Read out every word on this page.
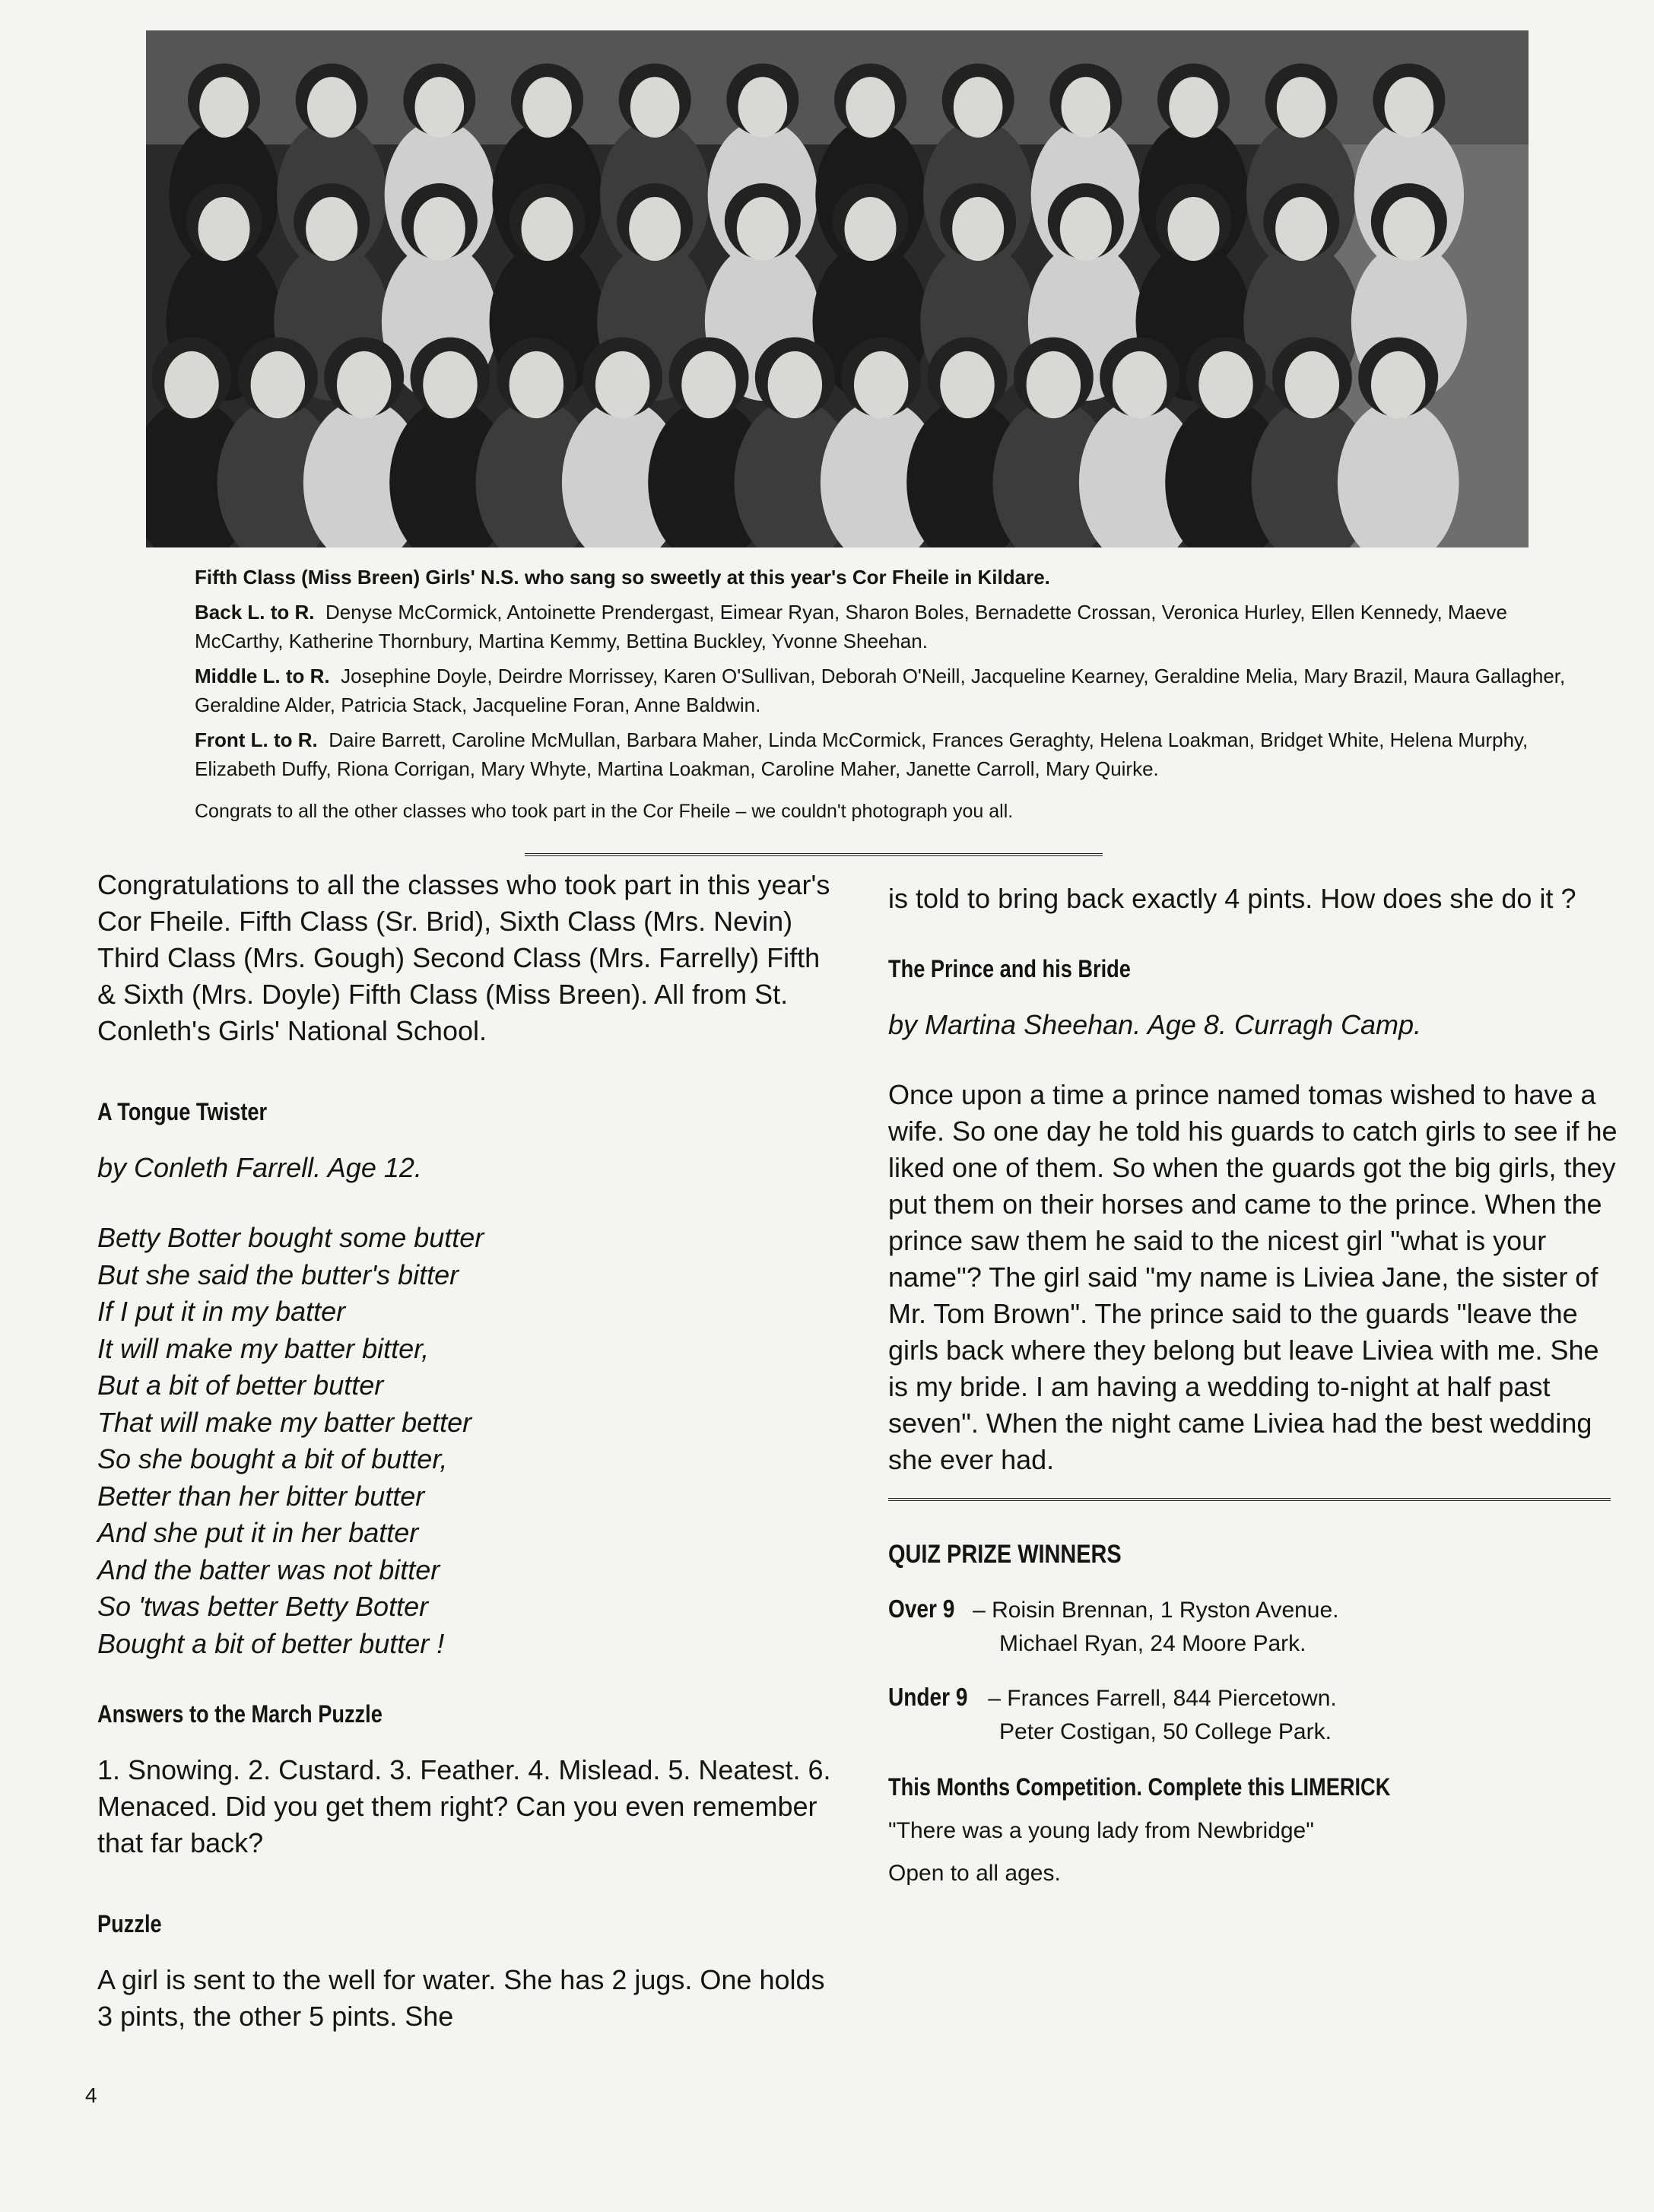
Fifth Class (Miss Breen) Girls' N.S. who sang so sweetly at this year's Cor Fheile in Kildare.

Back L. to R. Denyse McCormick, Antoinette Prendergast, Eimear Ryan, Sharon Boles, Bernadette Crossan, Veronica Hurley, Ellen Kennedy, Maeve McCarthy, Katherine Thornbury, Martina Kemmy, Bettina Buckley, Yvonne Sheehan.

Middle L. to R. Josephine Doyle, Deirdre Morrissey, Karen O'Sullivan, Deborah O'Neill, Jacqueline Kearney, Geraldine Melia, Mary Brazil, Maura Gallagher, Geraldine Alder, Patricia Stack, Jacqueline Foran, Anne Baldwin.

Front L. to R. Daire Barrett, Caroline McMullan, Barbara Maher, Linda McCormick, Frances Geraghty, Helena Loakman, Bridget White, Helena Murphy, Elizabeth Duffy, Riona Corrigan, Mary Whyte, Martina Loakman, Caroline Maher, Janette Carroll, Mary Quirke.

Congrats to all the other classes who took part in the Cor Fheile – we couldn't photograph you all.

Congratulations to all the classes who took part in this year's Cor Fheile. Fifth Class (Sr. Brid), Sixth Class (Mrs. Nevin) Third Class (Mrs. Gough) Second Class (Mrs. Farrelly) Fifth & Sixth (Mrs. Doyle) Fifth Class (Miss Breen). All from St. Conleth's Girls' National School.

A Tongue Twister

by Conleth Farrell. Age 12.

Betty Botter bought some butter
But she said the butter's bitter
If I put it in my batter
It will make my batter bitter,
But a bit of better butter
That will make my batter better
So she bought a bit of butter,
Better than her bitter butter
And she put it in her batter
And the batter was not bitter
So 'twas better Betty Botter
Bought a bit of better butter !
Answers to the March Puzzle

1. Snowing. 2. Custard. 3. Feather. 4. Mislead. 5. Neatest. 6. Menaced. Did you get them right? Can you even remember that far back?

Puzzle

A girl is sent to the well for water. She has 2 jugs. One holds 3 pints, the other 5 pints. She

is told to bring back exactly 4 pints. How does she do it ?

The Prince and his Bride

by Martina Sheehan. Age 8. Curragh Camp.

Once upon a time a prince named tomas wished to have a wife. So one day he told his guards to catch girls to see if he liked one of them. So when the guards got the big girls, they put them on their horses and came to the prince. When the prince saw them he said to the nicest girl "what is your name"? The girl said "my name is Liviea Jane, the sister of Mr. Tom Brown". The prince said to the guards "leave the girls back where they belong but leave Liviea with me. She is my bride. I am having a wedding to-night at half past seven". When the night came Liviea had the best wedding she ever had.

QUIZ PRIZE WINNERS
Over 9 – Roisin Brennan, 1 Ryston Avenue.
Michael Ryan, 24 Moore Park.
Under 9 – Frances Farrell, 844 Piercetown.
Peter Costigan, 50 College Park.
This Months Competition. Complete this LIMERICK

"There was a young lady from Newbridge"

Open to all ages.

4
